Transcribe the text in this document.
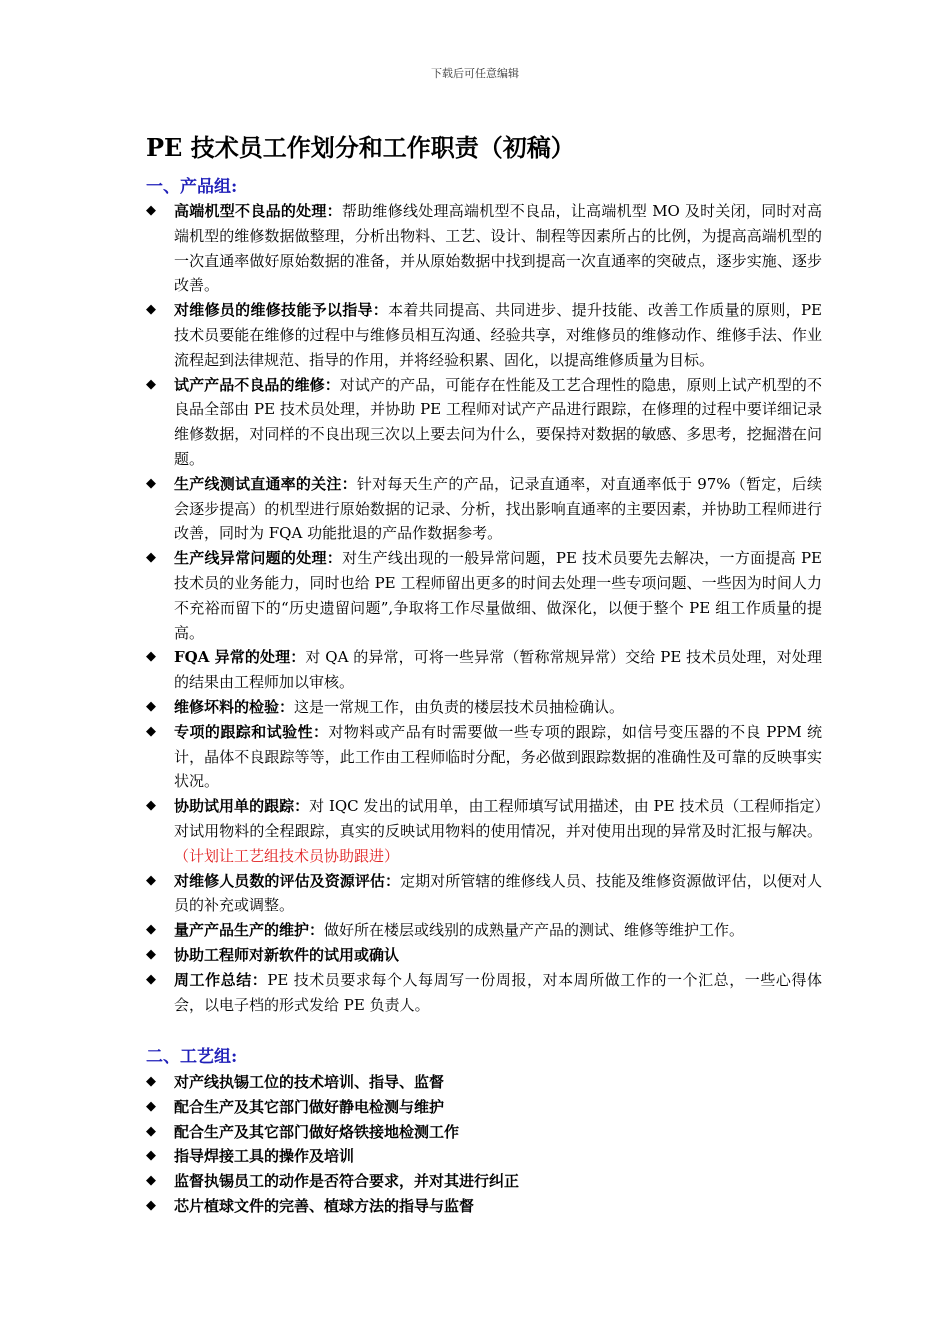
下载后可任意编辑
PE 技术员工作划分和工作职责（初稿）
一、产品组:
◆	高端机型不良品的处理：帮助维修线处理高端机型不良品，让高端机型 MO 及时关闭，同时对高端机型的维修数据做整理，分析出物料、工艺、设计、制程等因素所占的比例，为提高高端机型的一次直通率做好原始数据的准备，并从原始数据中找到提高一次直通率的突破点，逐步实施、逐步改善。
◆	对维修员的维修技能予以指导：本着共同提高、共同进步、提升技能、改善工作质量的原则，PE 技术员要能在维修的过程中与维修员相互沟通、经验共享，对维修员的维修动作、维修手法、作业流程起到法律规范、指导的作用，并将经验积累、固化，以提高维修质量为目标。
◆	试产产品不良品的维修：对试产的产品，可能存在性能及工艺合理性的隐患，原则上试产机型的不良品全部由 PE 技术员处理，并协助 PE 工程师对试产产品进行跟踪，在修理的过程中要详细记录维修数据，对同样的不良出现三次以上要去问为什么，要保持对数据的敏感、多思考，挖掘潜在问题。
◆	生产线测试直通率的关注：针对每天生产的产品，记录直通率，对直通率低于 97%（暂定，后续会逐步提高）的机型进行原始数据的记录、分析，找出影响直通率的主要因素，并协助工程师进行改善，同时为 FQA 功能批退的产品作数据参考。
◆	生产线异常问题的处理：对生产线出现的一般异常问题，PE 技术员要先去解决，一方面提高 PE 技术员的业务能力，同时也给 PE 工程师留出更多的时间去处理一些专项问题、一些因为时间人力不充裕而留下的“历史遗留问题”,争取将工作尽量做细、做深化，以便于整个 PE 组工作质量的提高。
◆	FQA 异常的处理：对 QA 的异常，可将一些异常（暂称常规异常）交给 PE 技术员处理，对处理的结果由工程师加以审核。
◆	维修坏料的检验：这是一常规工作，由负责的楼层技术员抽检确认。
◆	专项的跟踪和试验性：对物料或产品有时需要做一些专项的跟踪，如信号变压器的不良 PPM 统计，晶体不良跟踪等等，此工作由工程师临时分配，务必做到跟踪数据的准确性及可靠的反映事实状况。
◆	协助试用单的跟踪：对 IQC 发出的试用单，由工程师填写试用描述，由 PE 技术员（工程师指定）对试用物料的全程跟踪，真实的反映试用物料的使用情况，并对使用出现的异常及时汇报与解决。（计划让工艺组技术员协助跟进）
◆	对维修人员数的评估及资源评估：定期对所管辖的维修线人员、技能及维修资源做评估，以便对人员的补充或调整。
◆	量产产品生产的维护：做好所在楼层或线别的成熟量产产品的测试、维修等维护工作。
◆	协助工程师对新软件的试用或确认
◆	周工作总结：PE 技术员要求每个人每周写一份周报，对本周所做工作的一个汇总，一些心得体会，以电子档的形式发给 PE 负责人。
二、工艺组:
◆	对产线执锡工位的技术培训、指导、监督
◆	配合生产及其它部门做好静电检测与维护
◆	配合生产及其它部门做好烙铁接地检测工作
◆	指导焊接工具的操作及培训
◆	监督执锡员工的动作是否符合要求，并对其进行纠正
◆	芯片植球文件的完善、植球方法的指导与监督
